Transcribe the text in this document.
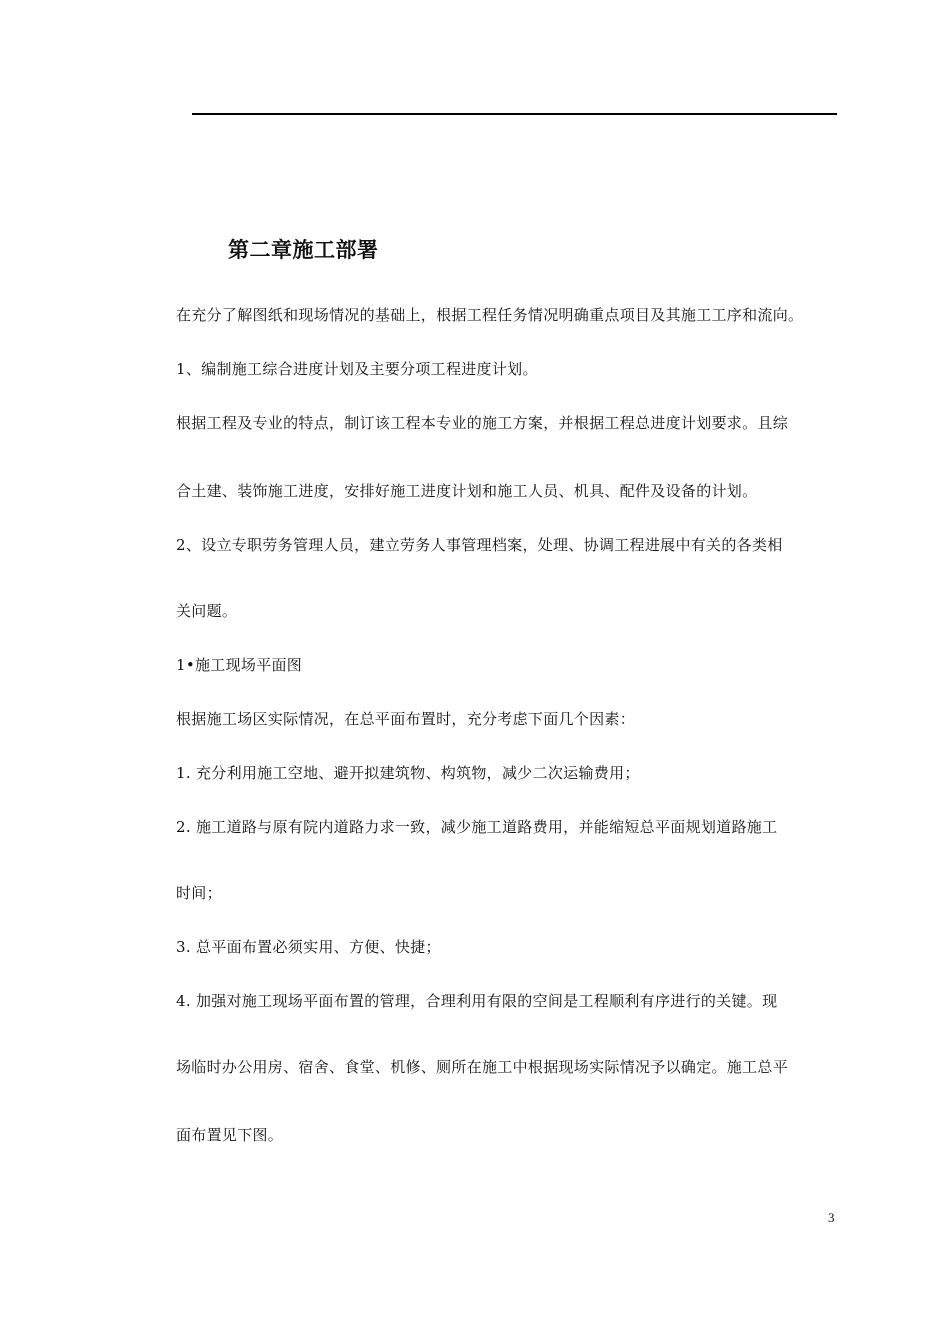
第二章施工部署
在充分了解图纸和现场情况的基础上，根据工程任务情况明确重点项目及其施工工序和流向。
1、编制施工综合进度计划及主要分项工程进度计划。
根据工程及专业的特点，制订该工程本专业的施工方案，并根据工程总进度计划要求。且综
合土建、装饰施工进度，安排好施工进度计划和施工人员、机具、配件及设备的计划。
2、设立专职劳务管理人员，建立劳务人事管理档案，处理、协调工程进展中有关的各类相
关问题。
1•施工现场平面图
根据施工场区实际情况，在总平面布置时，充分考虑下面几个因素：
1. 充分利用施工空地、避开拟建筑物、构筑物，减少二次运输费用；
2. 施工道路与原有院内道路力求一致，减少施工道路费用，并能缩短总平面规划道路施工
时间；
3. 总平面布置必须实用、方便、快捷；
4. 加强对施工现场平面布置的管理，合理利用有限的空间是工程顺利有序进行的关键。现
场临时办公用房、宿舍、食堂、机修、厕所在施工中根据现场实际情况予以确定。施工总平
面布置见下图。
3
